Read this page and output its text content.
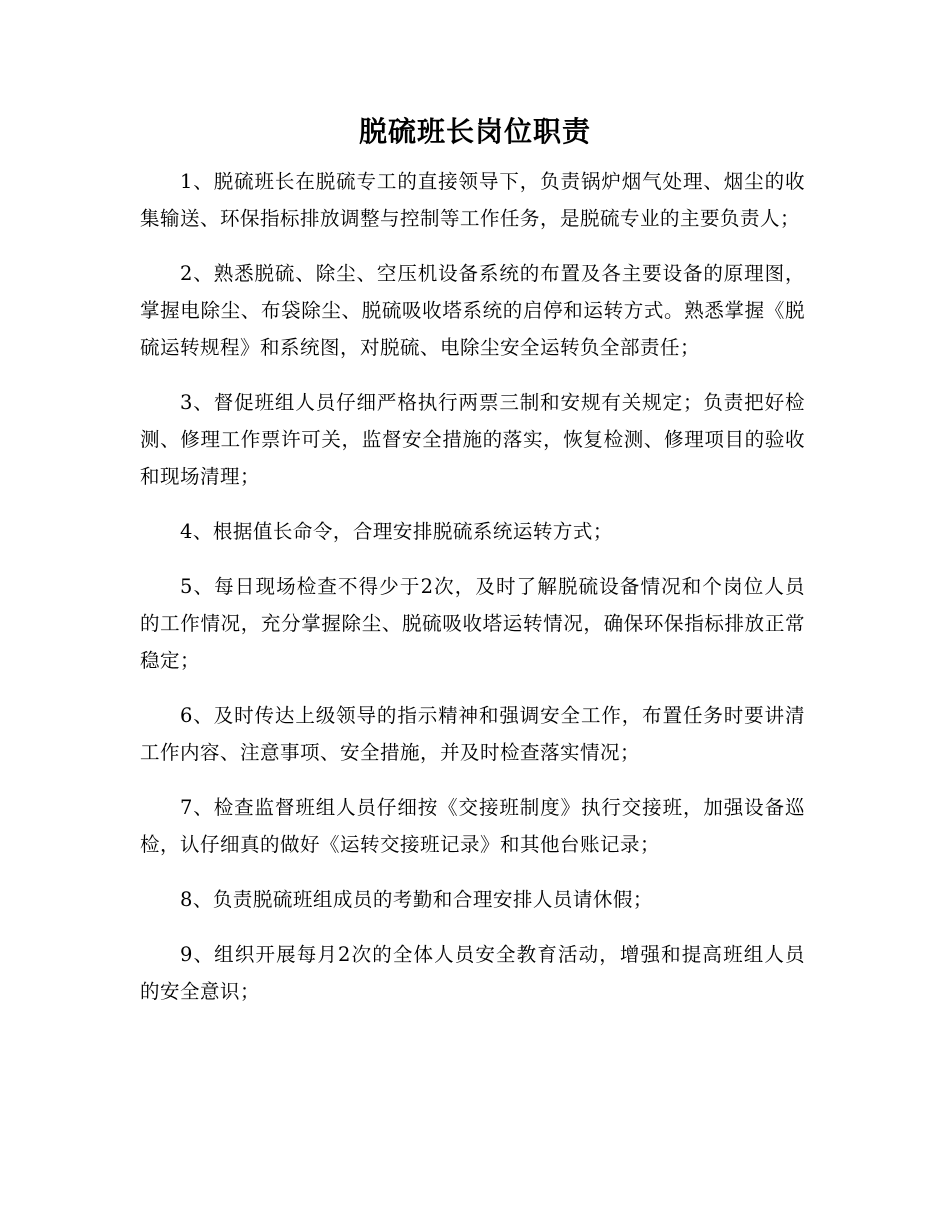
脱硫班长岗位职责

1、脱硫班长在脱硫专工的直接领导下，负责锅炉烟气处理、烟尘的收集输送、环保指标排放调整与控制等工作任务，是脱硫专业的主要负责人；

2、熟悉脱硫、除尘、空压机设备系统的布置及各主要设备的原理图，掌握电除尘、布袋除尘、脱硫吸收塔系统的启停和运转方式。熟悉掌握《脱硫运转规程》和系统图，对脱硫、电除尘安全运转负全部责任；

3、督促班组人员仔细严格执行两票三制和安规有关规定；负责把好检测、修理工作票许可关，监督安全措施的落实，恢复检测、修理项目的验收和现场清理；

4、根据值长命令，合理安排脱硫系统运转方式；

5、每日现场检查不得少于2次，及时了解脱硫设备情况和个岗位人员的工作情况，充分掌握除尘、脱硫吸收塔运转情况，确保环保指标排放正常稳定；

6、及时传达上级领导的指示精神和强调安全工作，布置任务时要讲清工作内容、注意事项、安全措施，并及时检查落实情况；

7、检查监督班组人员仔细按《交接班制度》执行交接班，加强设备巡检，认仔细真的做好《运转交接班记录》和其他台账记录；

8、负责脱硫班组成员的考勤和合理安排人员请休假；

9、组织开展每月2次的全体人员安全教育活动，增强和提高班组人员的安全意识；
